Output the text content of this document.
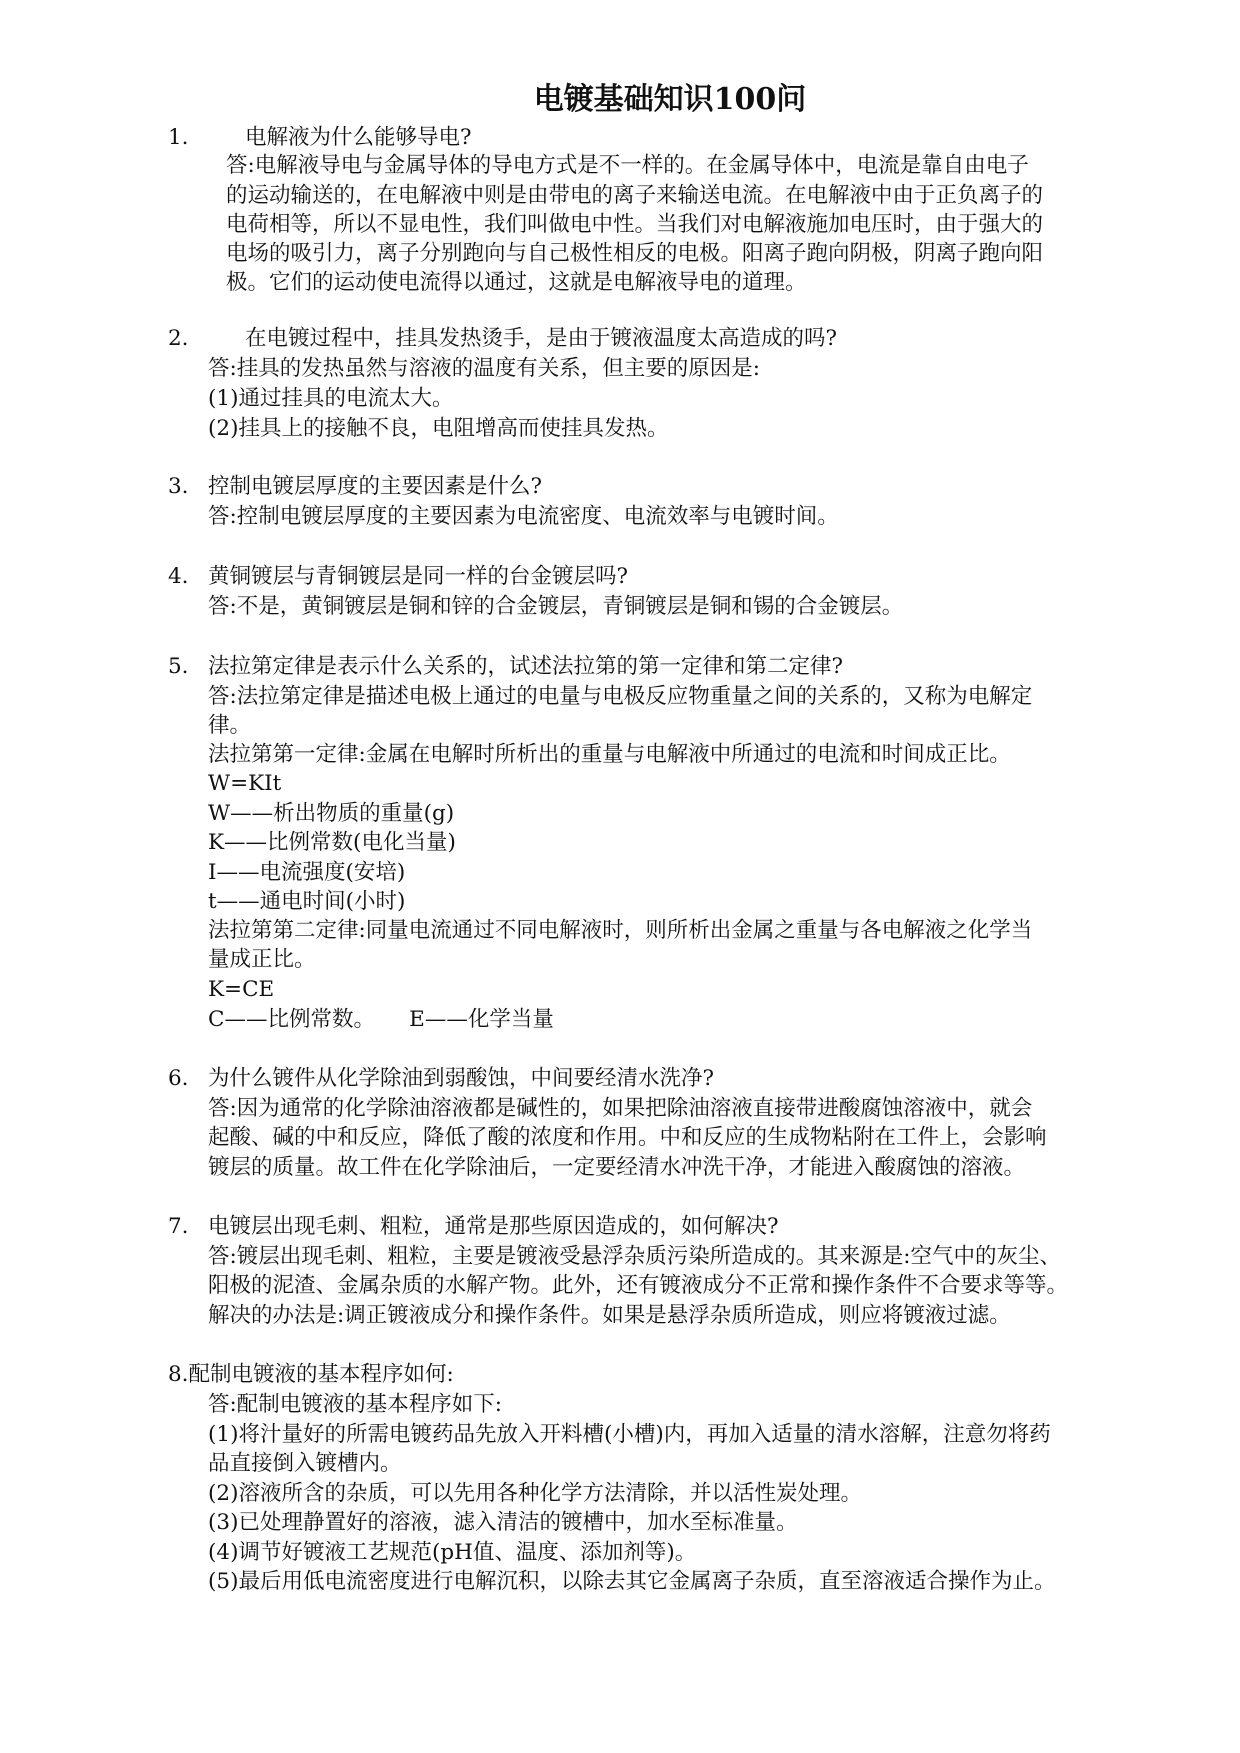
电镀基础知识100问
1.	电解液为什么能够导电?
答:电解液导电与金属导体的导电方式是不一样的。在金属导体中，电流是靠自由电子
的运动输送的，在电解液中则是由带电的离子来输送电流。在电解液中由于正负离子的
电荷相等，所以不显电性，我们叫做电中性。当我们对电解液施加电压时，由于强大的
电场的吸引力，离子分别跑向与自己极性相反的电极。阳离子跑向阴极，阴离子跑向阳
极。它们的运动使电流得以通过，这就是电解液导电的道理。
2.	在电镀过程中，挂具发热烫手，是由于镀液温度太高造成的吗?
答:挂具的发热虽然与溶液的温度有关系，但主要的原因是:
(1)通过挂具的电流太大。
(2)挂具上的接触不良，电阻增高而使挂具发热。
3. 控制电镀层厚度的主要因素是什么?
答:控制电镀层厚度的主要因素为电流密度、电流效率与电镀时间。
4. 黄铜镀层与青铜镀层是同一样的台金镀层吗?
答:不是，黄铜镀层是铜和锌的合金镀层，青铜镀层是铜和锡的合金镀层。
5. 法拉第定律是表示什么关系的，试述法拉第的第一定律和第二定律?
答:法拉第定律是描述电极上通过的电量与电极反应物重量之间的关系的，又称为电解定
律。
法拉第第一定律:金属在电解时所析出的重量与电解液中所通过的电流和时间成正比。
W=KIt
W——析出物质的重量(g)
K——比例常数(电化当量)
I——电流强度(安培)
t——通电时间(小时)
法拉第第二定律:同量电流通过不同电解液时，则所析出金属之重量与各电解液之化学当
量成正比。
K=CE
C——比例常数。     E——化学当量
6. 为什么镀件从化学除油到弱酸蚀，中间要经清水洗净?
答:因为通常的化学除油溶液都是碱性的，如果把除油溶液直接带进酸腐蚀溶液中，就会
起酸、碱的中和反应，降低了酸的浓度和作用。中和反应的生成物粘附在工件上，会影响
镀层的质量。故工件在化学除油后，一定要经清水冲洗干净，才能进入酸腐蚀的溶液。
7. 电镀层出现毛刺、粗粒，通常是那些原因造成的，如何解决?
答:镀层出现毛刺、粗粒，主要是镀液受悬浮杂质污染所造成的。其来源是:空气中的灰尘、
阳极的泥渣、金属杂质的水解产物。此外，还有镀液成分不正常和操作条件不合要求等等。
解决的办法是:调正镀液成分和操作条件。如果是悬浮杂质所造成，则应将镀液过滤。
8.配制电镀液的基本程序如何:
答:配制电镀液的基本程序如下:
(1)将汁量好的所需电镀药品先放入开料槽(小槽)内，再加入适量的清水溶解，注意勿将药
品直接倒入镀槽内。
(2)溶液所含的杂质，可以先用各种化学方法清除，并以活性炭处理。
(3)已处理静置好的溶液，滤入清洁的镀槽中，加水至标准量。
(4)调节好镀液工艺规范(pH值、温度、添加剂等)。
(5)最后用低电流密度进行电解沉积，以除去其它金属离子杂质，直至溶液适合操作为止。
